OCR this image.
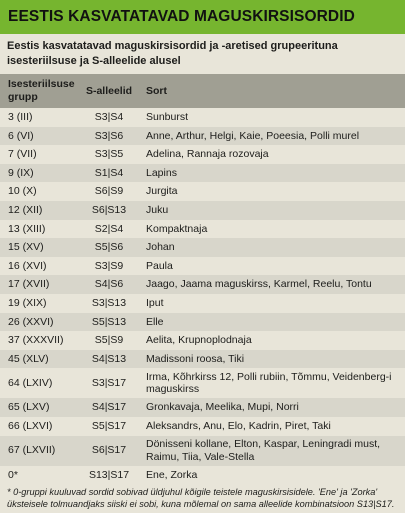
EESTIS KASVATATAVAD MAGUSKIRSISORDID
Eestis kasvatatavad maguskirsisordid ja -aretised grupeerituna isesteriilsuse ja S-alleelide alusel
Isesteriilsuse grupp	S-alleelid	Sort
3 (III)	S3|S4	Sunburst
6 (VI)	S3|S6	Anne, Arthur, Helgi, Kaie, Poeesia, Polli murel
7 (VII)	S3|S5	Adelina, Rannaja rozovaja
9 (IX)	S1|S4	Lapins
10 (X)	S6|S9	Jurgita
12 (XII)	S6|S13	Juku
13 (XIII)	S2|S4	Kompaktnaja
15 (XV)	S5|S6	Johan
16 (XVI)	S3|S9	Paula
17 (XVII)	S4|S6	Jaago, Jaama maguskirss, Karmel, Reelu, Tontu
19 (XIX)	S3|S13	Iput
26 (XXVI)	S5|S13	Elle
37 (XXXVII)	S5|S9	Aelita, Krupnoplodnaja
45 (XLV)	S4|S13	Madissoni roosa, Tiki
64 (LXIV)	S3|S17	Irma, Kõhrkirss 12, Polli rubiin, Tõmmu, Veidenberg-i maguskirss
65 (LXV)	S4|S17	Gronkavaja, Meelika, Mupi, Norri
66 (LXVI)	S5|S17	Aleksandrs, Anu, Elo, Kadrin, Piret, Taki
67 (LXVII)	S6|S17	Dönisseni kollane, Elton, Kaspar, Leningradi must, Raimu, Tiia, Vale-Stella
0*	S13|S17	Ene, Zorka
* 0-gruppi kuuluvad sordid sobivad üldjuhul kõigile teistele maguskirsisidele. 'Ene' ja 'Zorka' üksteisele tolmuandjaks siiski ei sobi, kuna mõlemal on sama alleelide kombinatsioon S13|S17.
